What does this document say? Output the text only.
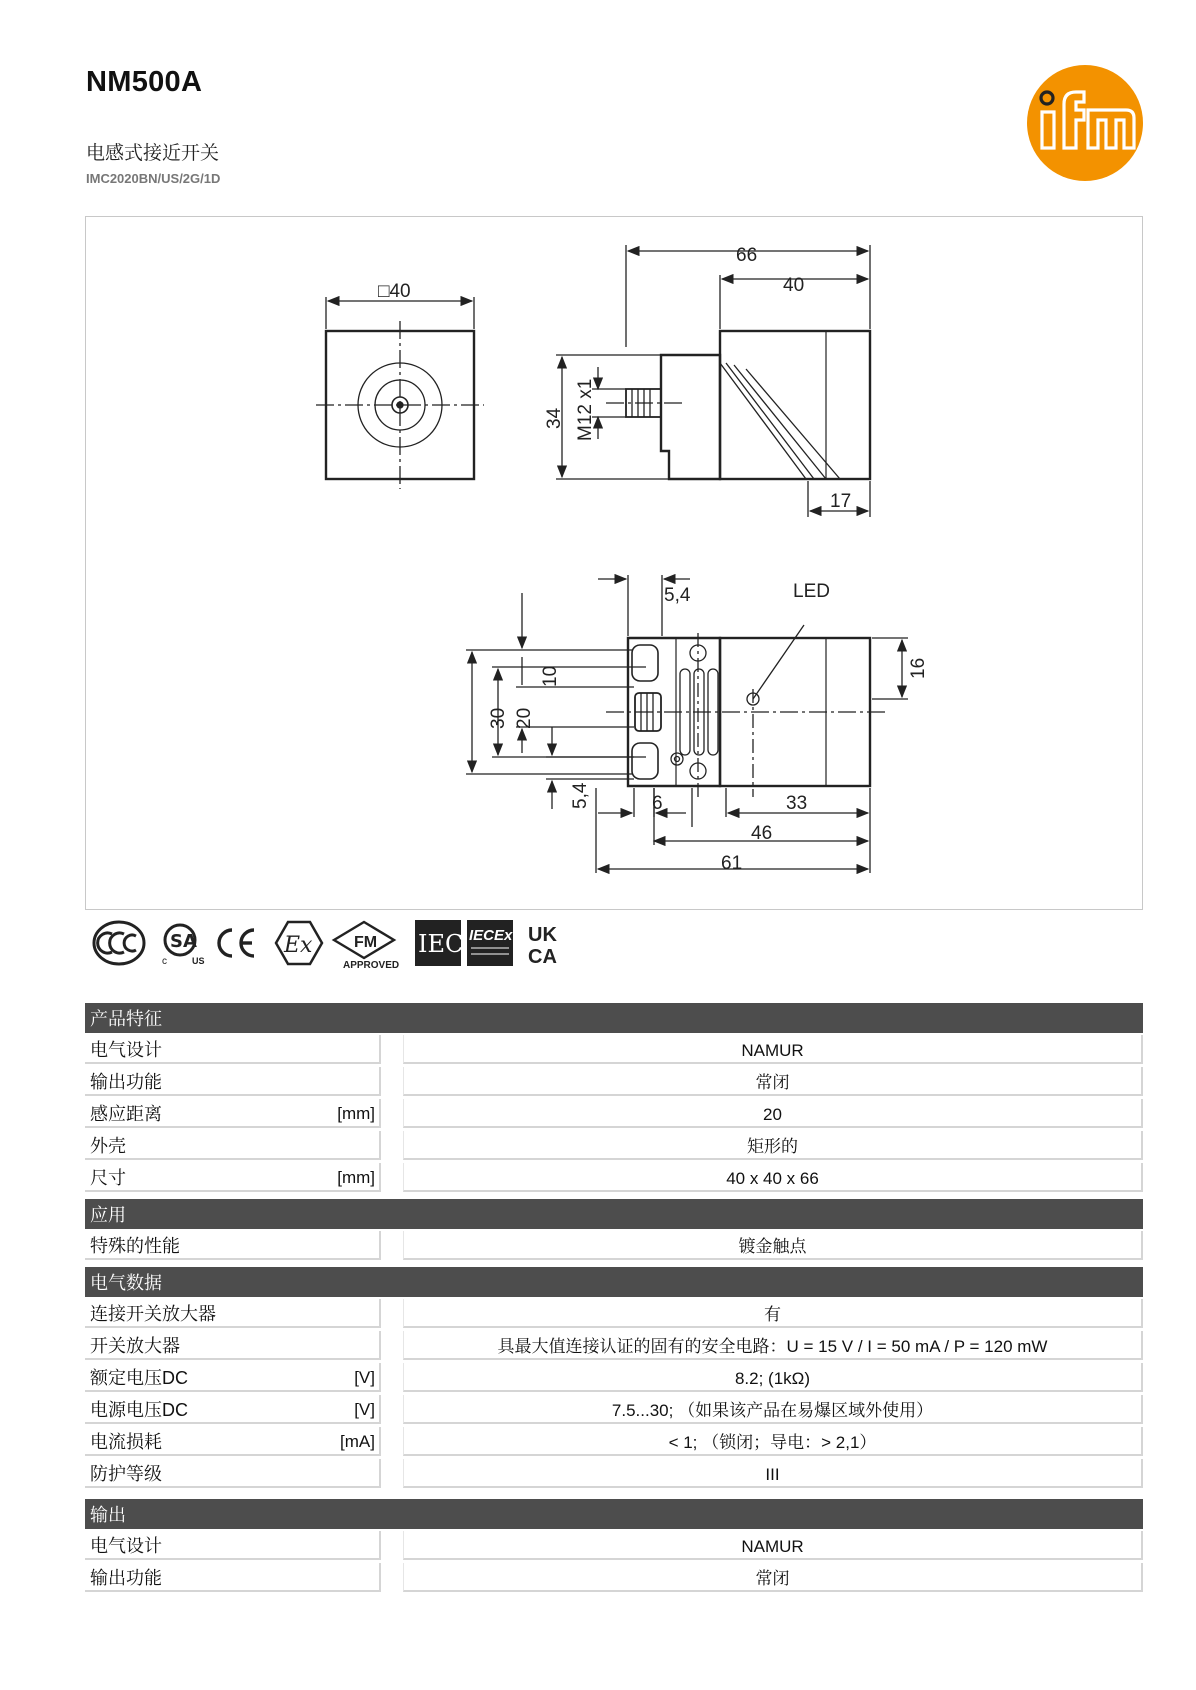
NM500A
电感式接近开关
IMC2020BN/US/2G/1D	ifm
□40
66
40
34 M12 x1
17
5,4	LED
16
10
30 20
5,4	6	33
46
61
SA
c	US
Ex	FM
APPROVED
IEC IECEx UK
CA
产品特征
电气设计	NAMUR
输出功能	常闭
感应距离	[mm]	20
外壳	矩形的
尺寸	[mm]	40 x 40 x 66
应用
特殊的性能	镀金触点
电气数据
连接开关放大器	有
开关放大器	具最大值连接认证的固有的安全电路：U = 15 V / I = 50 mA / P = 120 mW
额定电压DC	[V]	8.2; (1kΩ)
电源电压DC	[V]	7.5...30; （如果该产品在易爆区域外使用）
电流损耗	[mA]	< 1; （锁闭；导电：> 2,1）
防护等级	III
输出
电气设计	NAMUR
输出功能	常闭
